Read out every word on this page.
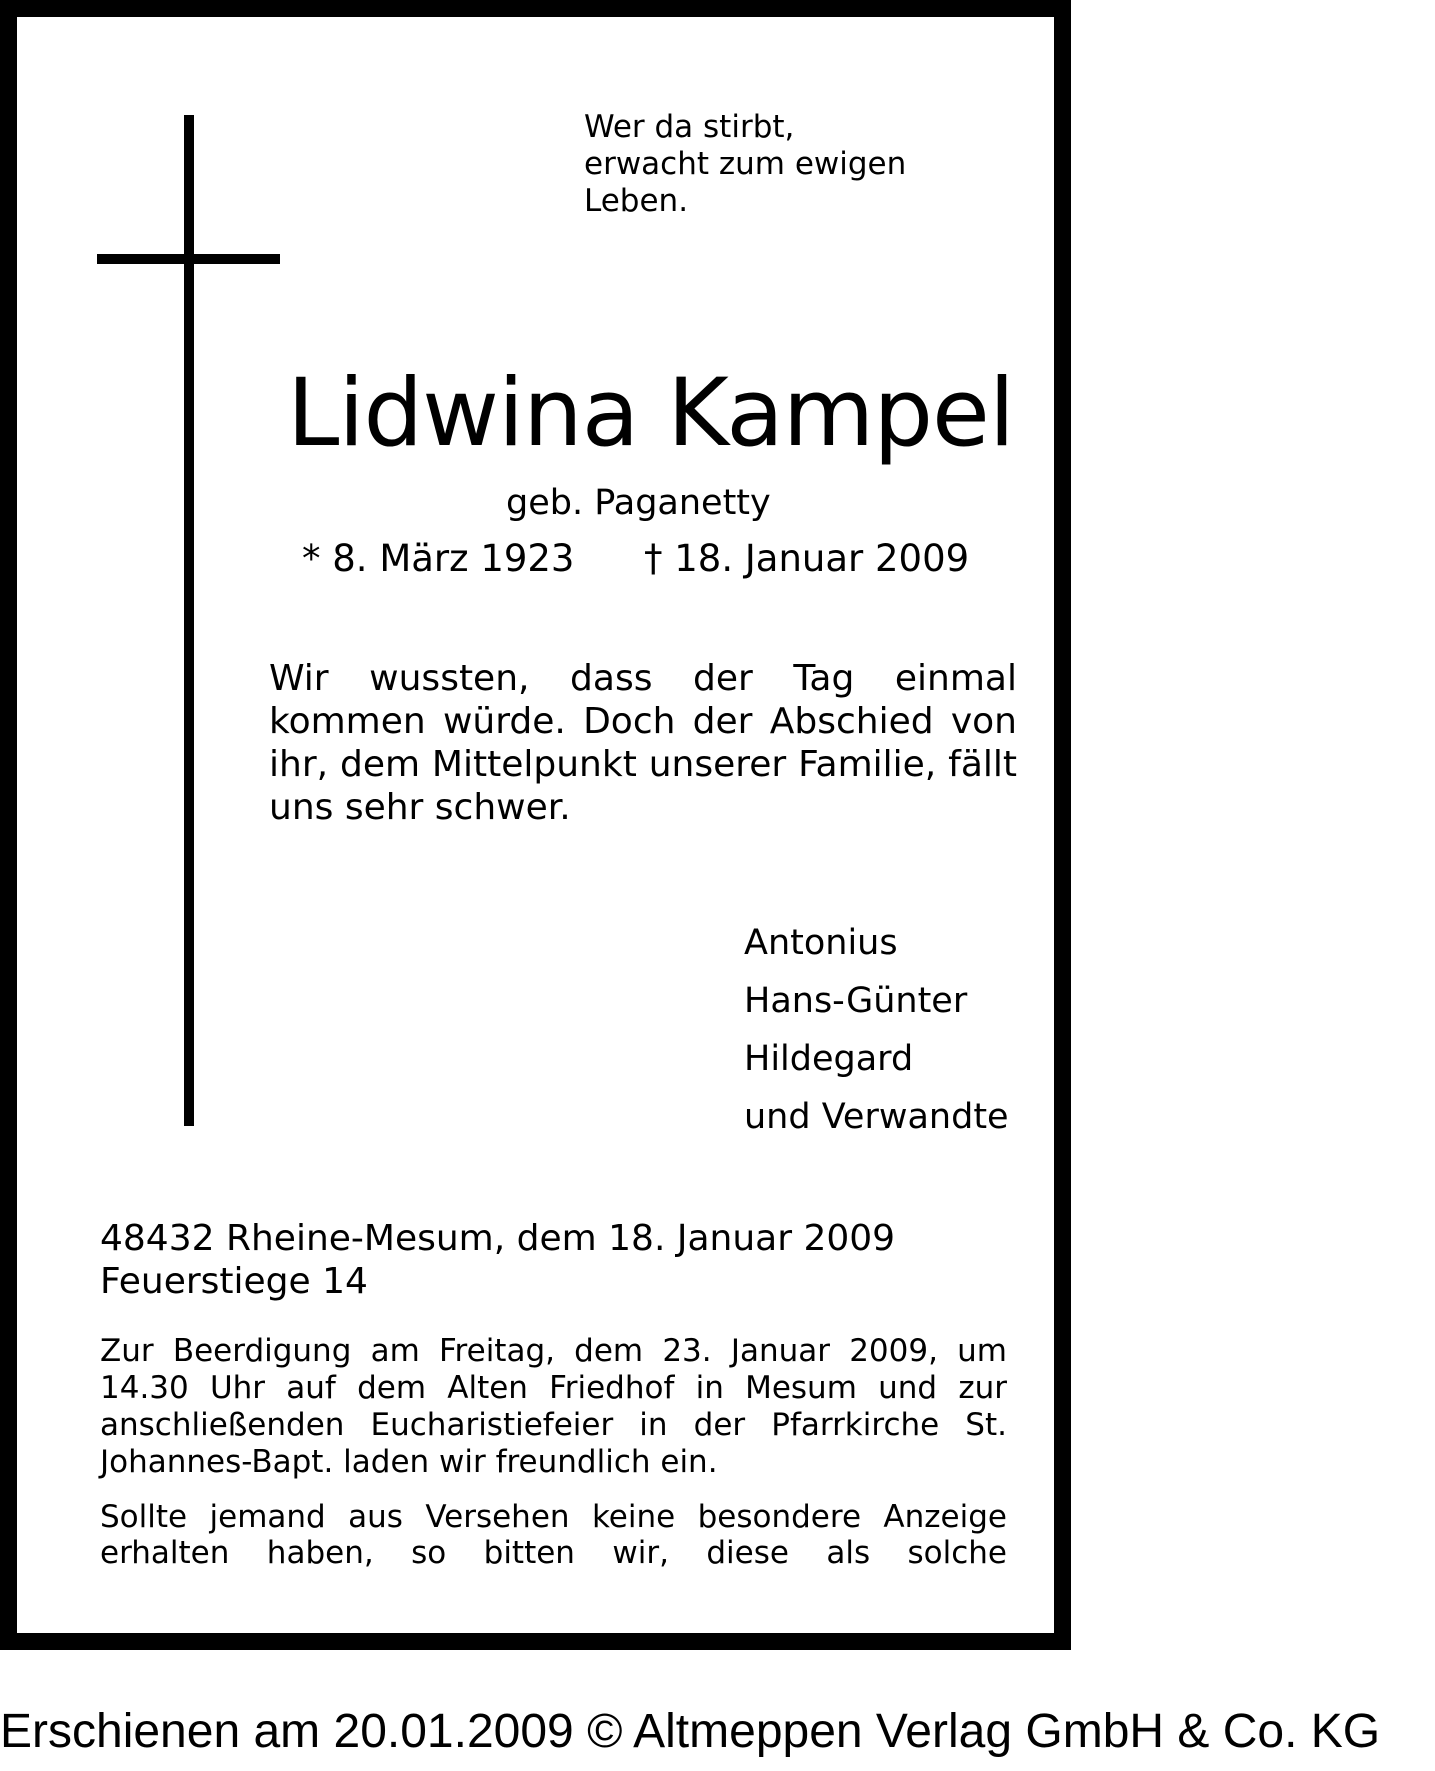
Wer da stirbt,
erwacht zum ewigen
Leben.
Lidwina Kampel
geb. Paganetty
* 8. März 1923 † 18. Januar 2009
Wir wussten, dass der Tag einmal kommen würde. Doch der Abschied von ihr, dem Mittelpunkt unserer Familie, fällt uns sehr schwer.
Antonius
Hans-Günter
Hildegard
und Verwandte
48432 Rheine-Mesum, dem 18. Januar 2009
Feuerstiege 14
Zur Beerdigung am Freitag, dem 23. Januar 2009, um 14.30 Uhr auf dem Alten Friedhof in Mesum und zur anschließenden Eucharistiefeier in der Pfarrkirche St. Johannes-Bapt. laden wir freundlich ein.
Sollte jemand aus Versehen keine besondere Anzeige erhalten haben, so bitten wir, diese als solche
Erschienen am 20.01.2009 © Altmeppen Verlag GmbH & Co. KG
